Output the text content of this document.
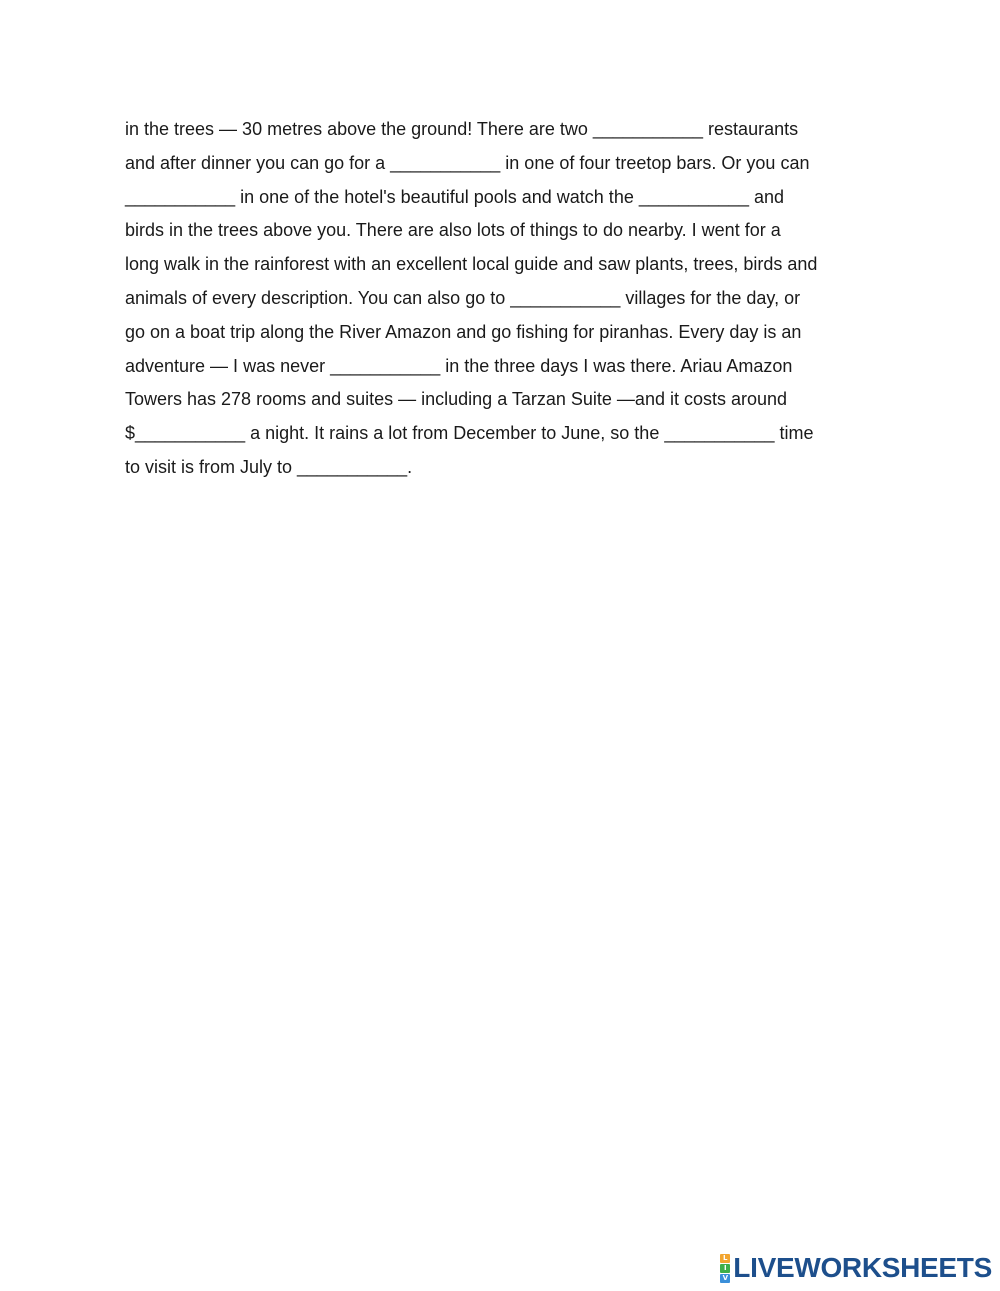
in the trees — 30 metres above the ground! There are two ___________ restaurants
and after dinner you can go for a ___________ in one of four treetop bars. Or you can
___________ in one of the hotel's beautiful pools and watch the ___________ and
birds in the trees above you. There are also lots of things to do nearby. I went for a
long walk in the rainforest with an excellent local guide and saw plants, trees, birds and
animals of every description. You can also go to ___________ villages for the day, or
go on a boat trip along the River Amazon and go fishing for piranhas. Every day is an
adventure — I was never ___________ in the three days I was there. Ariau Amazon
Towers has 278 rooms and suites — including a Tarzan Suite —and it costs around
$___________ a night. It rains a lot from December to June, so the ___________ time
to visit is from July to ___________.
L
I
V LIVEWORKSHEETS
